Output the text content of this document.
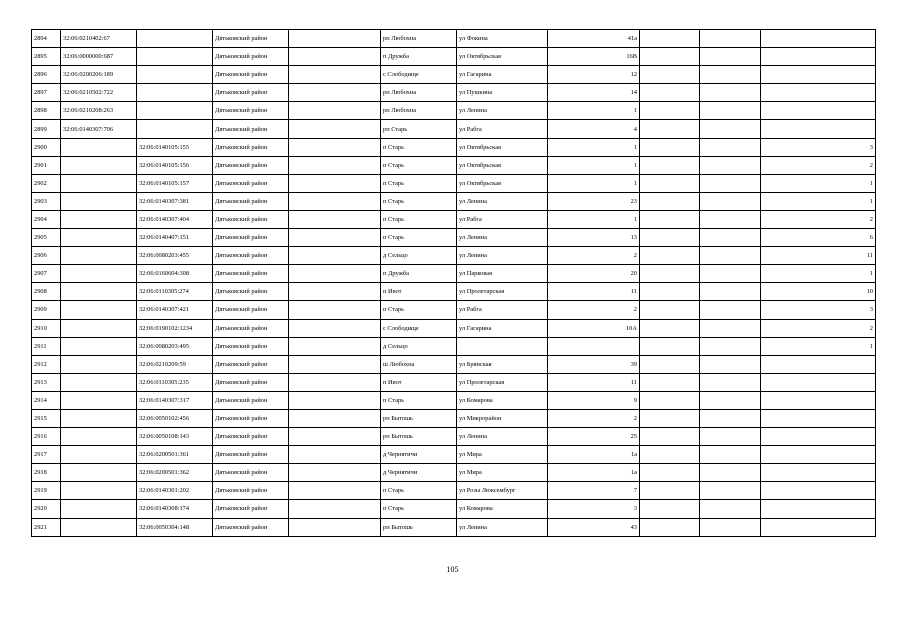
2894	32:06:0210402:67		Дятьковский район		рп Любохна	ул Фокина	41а			
2895	32:06:0000000:687		Дятьковский район		п Дружба	ул Октябрьская	16В			
2896	32:06:0200206:189		Дятьковский район		с Слободище	ул Гагарина	12			
2897	32:06:0210502:722		Дятьковский район		рп Любохна	ул Пушкина	14			
2898	32:06:0210208:263		Дятьковский район		рп Любохна	ул Ленина	1			
2899	32:06:0140307:706		Дятьковский район		рп Старь	ул Рабга	4			
2900		32:06:0140105:155	Дятьковский район		п Старь	ул Октябрьская	1			3
2901		32:06:0140105:156	Дятьковский район		п Старь	ул Октябрьская	1			2
2902		32:06:0140105:157	Дятьковский район		п Старь	ул Октябрьская	1			1
2903		32:06:0140307:381	Дятьковский район		п Старь	ул Ленина	23			1
2904		32:06:0140307:404	Дятьковский район		п Старь	ул Рабга	1			2
2905		32:06:0140407:151	Дятьковский район		п Старь	ул Ленина	13			6
2906		32:06:0080203:455	Дятьковский район		д Сельцо	ул Ленина	2			11
2907		32:06:0160604:308	Дятьковский район		п Дружба	ул Парковая	20			1
2908		32:06:0110305:274	Дятьковский район		п Ивот	ул Пролетарская	11			10
2909		32:06:0140307:421	Дятьковский район		п Старь	ул Рабга	2			3
2910		32:06:0190102:1234	Дятьковский район		с Слободище	ул Гагарина	10А			2
2911		32:06:0080203:495	Дятьковский район		д Сельцо					1
2912		32:06:0210209:59	Дятьковский район		ш Любохна	ул Брянская	39			
2913		32:06:0110305:235	Дятьковский район		п Ивот	ул Пролетарская	11			
2914		32:06:0140307:317	Дятьковский район		п Старь	ул Комарова	9			
2915		32:06:0050102:456	Дятьковский район		рп Бытошь	ул Микрорайон	2			
2916		32:06:0050108:143	Дятьковский район		рп Бытошь	ул Ленина	25			
2917		32:06:0200501:361	Дятьковский район		д Чернятичи	ул Мира	1а			
2918		32:06:0200501:362	Дятьковский район		д Чернятичи	ул Мира	1а			
2919		32:06:0140301:202	Дятьковский район		п Старь	ул Розы Люксембург	7			
2920		32:06:0140308:174	Дятьковский район		п Старь	ул Комарова	3			
2921		32:06:0050304:148	Дятьковский район		рп Бытошь	ул Ленина	43			
105
